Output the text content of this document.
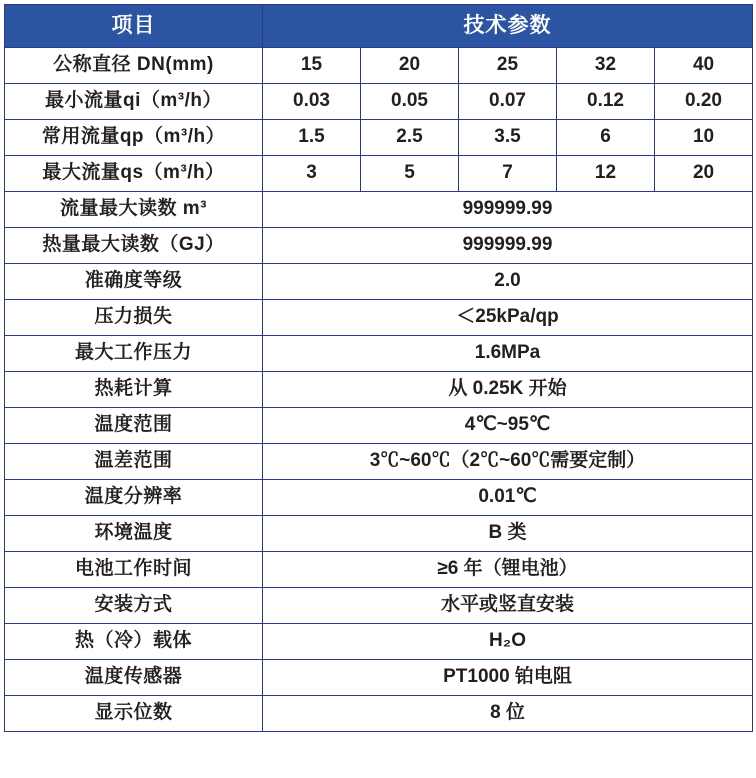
项目	技术参数				
公称直径 DN(mm)	15	20	25	32	40
最小流量qi（m³/h）	0.03	0.05	0.07	0.12	0.20
常用流量qp（m³/h）	1.5	2.5	3.5	6	10
最大流量qs（m³/h）	3	5	7	12	20
流量最大读数 m³	999999.99				
热量最大读数（GJ）	999999.99				
准确度等级	2.0				
压力损失	＜25kPa/qp				
最大工作压力	1.6MPa				
热耗计算	从 0.25K 开始				
温度范围	4℃~95℃				
温差范围	3℃~60℃（2℃~60℃需要定制）				
温度分辨率	0.01℃				
环境温度	B 类				
电池工作时间	≥6 年（锂电池）				
安装方式	水平或竖直安装				
热（冷）载体	H₂O				
温度传感器	PT1000 铂电阻				
显示位数	8 位				
